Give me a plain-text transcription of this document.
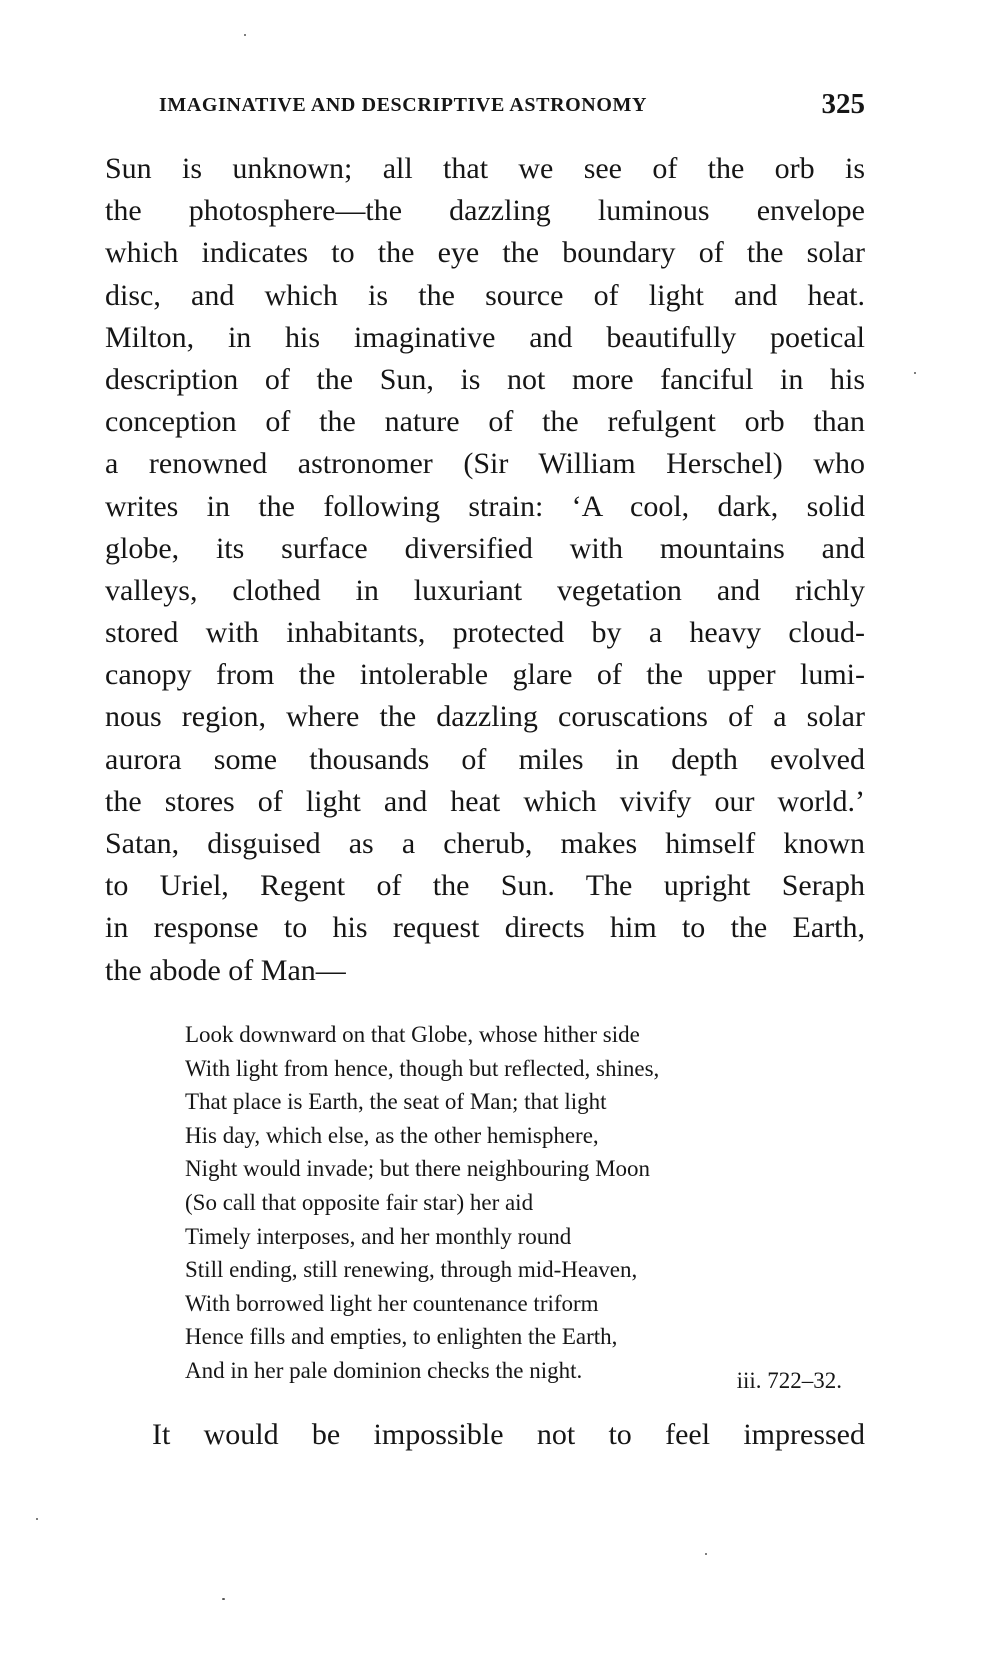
IMAGINATIVE AND DESCRIPTIVE ASTRONOMY	325
Sun is unknown; all that we see of the orb is
the photosphere—the dazzling luminous envelope
which indicates to the eye the boundary of the solar
disc, and which is the source of light and heat.
Milton, in his imaginative and beautifully poetical
description of the Sun, is not more fanciful in his
conception of the nature of the refulgent orb than
a renowned astronomer (Sir William Herschel) who
writes in the following strain: ‘A cool, dark, solid
globe, its surface diversified with mountains and
valleys, clothed in luxuriant vegetation and richly
stored with inhabitants, protected by a heavy cloud-
canopy from the intolerable glare of the upper lumi-
nous region, where the dazzling coruscations of a solar
aurora some thousands of miles in depth evolved
the stores of light and heat which vivify our world.’
Satan, disguised as a cherub, makes himself known
to Uriel, Regent of the Sun. The upright Seraph
in response to his request directs him to the Earth,
the abode of Man—
Look downward on that Globe, whose hither side
With light from hence, though but reflected, shines,
That place is Earth, the seat of Man; that light
His day, which else, as the other hemisphere,
Night would invade; but there neighbouring Moon
(So call that opposite fair star) her aid
Timely interposes, and her monthly round
Still ending, still renewing, through mid-Heaven,
With borrowed light her countenance triform
Hence fills and empties, to enlighten the Earth,
And in her pale dominion checks the night.	iii. 722–32.
It would be impossible not to feel impressed
